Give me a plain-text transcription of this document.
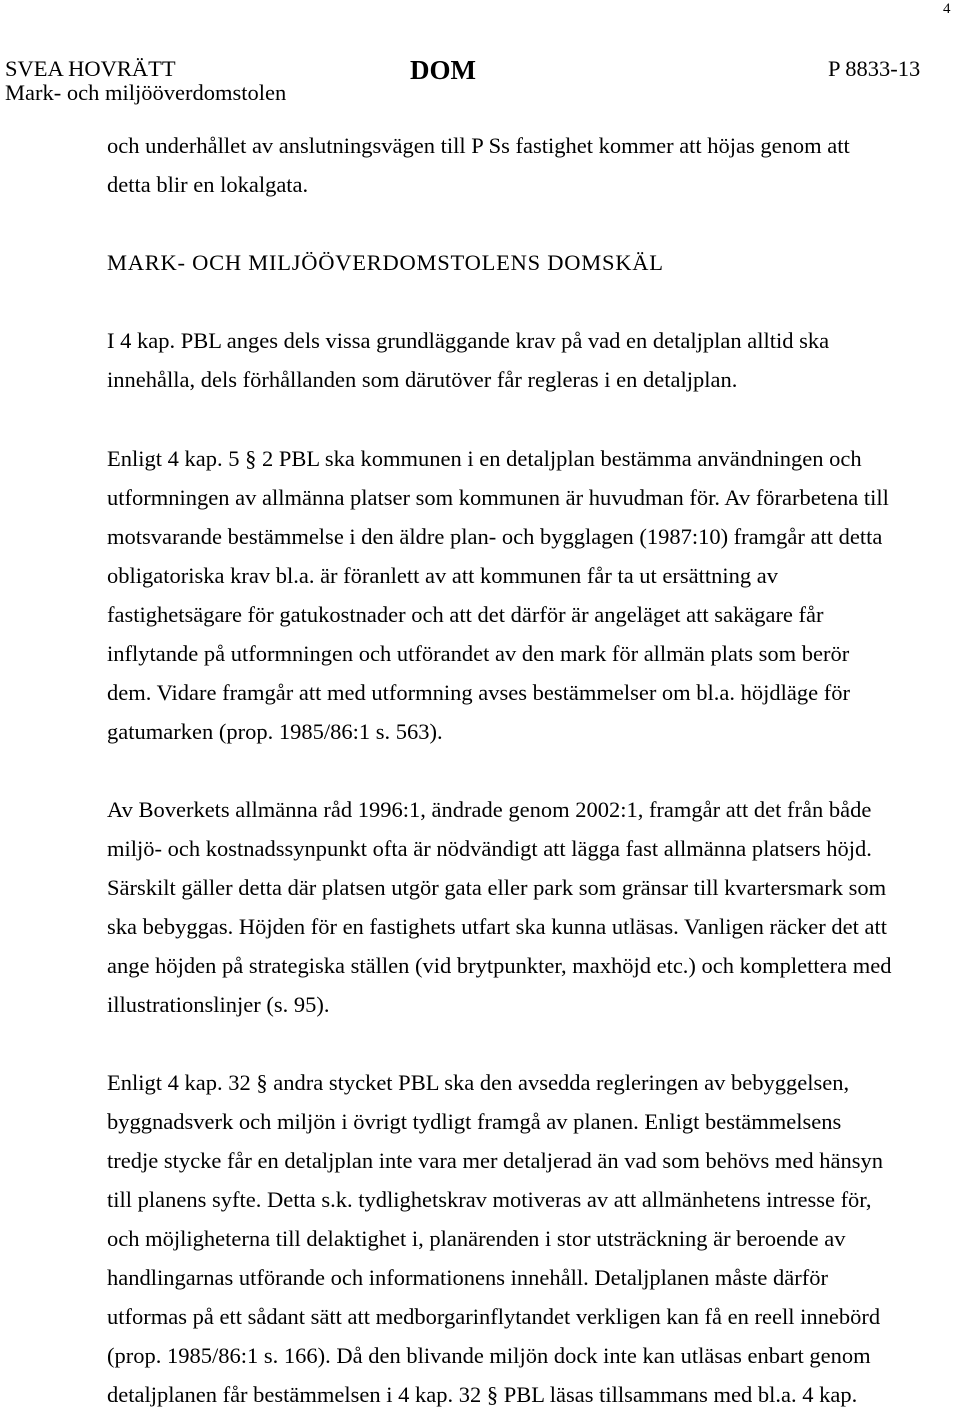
4
SVEA HOVRÄTT
Mark- och miljööverdomstolen
DOM	P 8833-13
och underhållet av anslutningsvägen till P Ss fastighet kommer att höjas genom att
detta blir en lokalgata.
MARK- OCH MILJÖÖVERDOMSTOLENS DOMSKÄL
I 4 kap. PBL anges dels vissa grundläggande krav på vad en detaljplan alltid ska
innehålla, dels förhållanden som därutöver får regleras i en detaljplan.
Enligt 4 kap. 5 § 2 PBL ska kommunen i en detaljplan bestämma användningen och
utformningen av allmänna platser som kommunen är huvudman för. Av förarbetena till
motsvarande bestämmelse i den äldre plan- och bygglagen (1987:10) framgår att detta
obligatoriska krav bl.a. är föranlett av att kommunen får ta ut ersättning av
fastighetsägare för gatukostnader och att det därför är angeläget att sakägare får
inflytande på utformningen och utförandet av den mark för allmän plats som berör
dem. Vidare framgår att med utformning avses bestämmelser om bl.a. höjdläge för
gatumarken (prop. 1985/86:1 s. 563).
Av Boverkets allmänna råd 1996:1, ändrade genom 2002:1, framgår att det från både
miljö- och kostnadssynpunkt ofta är nödvändigt att lägga fast allmänna platsers höjd.
Särskilt gäller detta där platsen utgör gata eller park som gränsar till kvartersmark som
ska bebyggas. Höjden för en fastighets utfart ska kunna utläsas. Vanligen räcker det att
ange höjden på strategiska ställen (vid brytpunkter, maxhöjd etc.) och komplettera med
illustrationslinjer (s. 95).
Enligt 4 kap. 32 § andra stycket PBL ska den avsedda regleringen av bebyggelsen,
byggnadsverk och miljön i övrigt tydligt framgå av planen. Enligt bestämmelsens
tredje stycke får en detaljplan inte vara mer detaljerad än vad som behövs med hänsyn
till planens syfte. Detta s.k. tydlighetskrav motiveras av att allmänhetens intresse för,
och möjligheterna till delaktighet i, planärenden i stor utsträckning är beroende av
handlingarnas utförande och informationens innehåll. Detaljplanen måste därför
utformas på ett sådant sätt att medborgarinflytandet verkligen kan få en reell innebörd
(prop. 1985/86:1 s. 166). Då den blivande miljön dock inte kan utläsas enbart genom
detaljplanen får bestämmelsen i 4 kap. 32 § PBL läsas tillsammans med bl.a. 4 kap.
